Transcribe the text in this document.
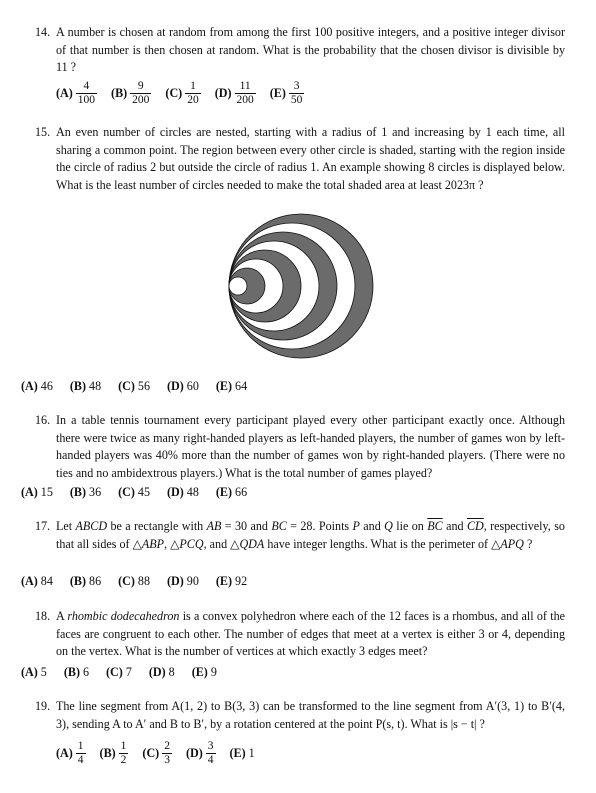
14. A number is chosen at random from among the first 100 positive integers, and a positive integer divisor of that number is then chosen at random. What is the probability that the chosen divisor is divisible by 11 ?
$(A) \frac{4}{100} (B) \frac{9}{200} (C) \frac{1}{20} (D) \frac{11}{200} (E) \frac{3}{50}$
15. An even number of circles are nested, starting with a radius of 1 and increasing by 1 each time, all sharing a common point. The region between every other circle is shaded, starting with the region inside the circle of radius 2 but outside the circle of radius 1. An example showing 8 circles is displayed below. What is the least number of circles needed to make the total shaded area at least 2023π ?
(A) 46 (B) 48 (C) 56 (D) 60 (E) 64
16. In a table tennis tournament every participant played every other participant exactly once. Although there were twice as many right-handed players as left-handed players, the number of games won by left-handed players was 40% more than the number of games won by right-handed players. (There were no ties and no ambidextrous players.) What is the total number of games played?
(A) 15 (B) 36 (C) 45 (D) 48 (E) 66
17. Let ABCD be a rectangle with AB = 30 and BC = 28. Points P and Q lie on $\overline{BC}$ and $\overline{CD}$, respectively, so that all sides of △ABP, △PCQ, and △QDA have integer lengths. What is the perimeter of △APQ ?
(A) 84 (B) 86 (C) 88 (D) 90 (E) 92
18. A rhombic dodecahedron is a convex polyhedron where each of the 12 faces is a rhombus, and all of the faces are congruent to each other. The number of edges that meet at a vertex is either 3 or 4, depending on the vertex. What is the number of vertices at which exactly 3 edges meet?
(A) 5 (B) 6 (C) 7 (D) 8 (E) 9
19. The line segment from A(1, 2) to B(3, 3) can be transformed to the line segment from A′(3, 1) to B′(4, 3), sending A to A′ and B to B′, by a rotation centered at the point P(s, t). What is |s − t| ?
$(A) \frac{1}{4} (B) \frac{1}{2} (C) \frac{2}{3} (D) \frac{3}{4} (E)$ 1
